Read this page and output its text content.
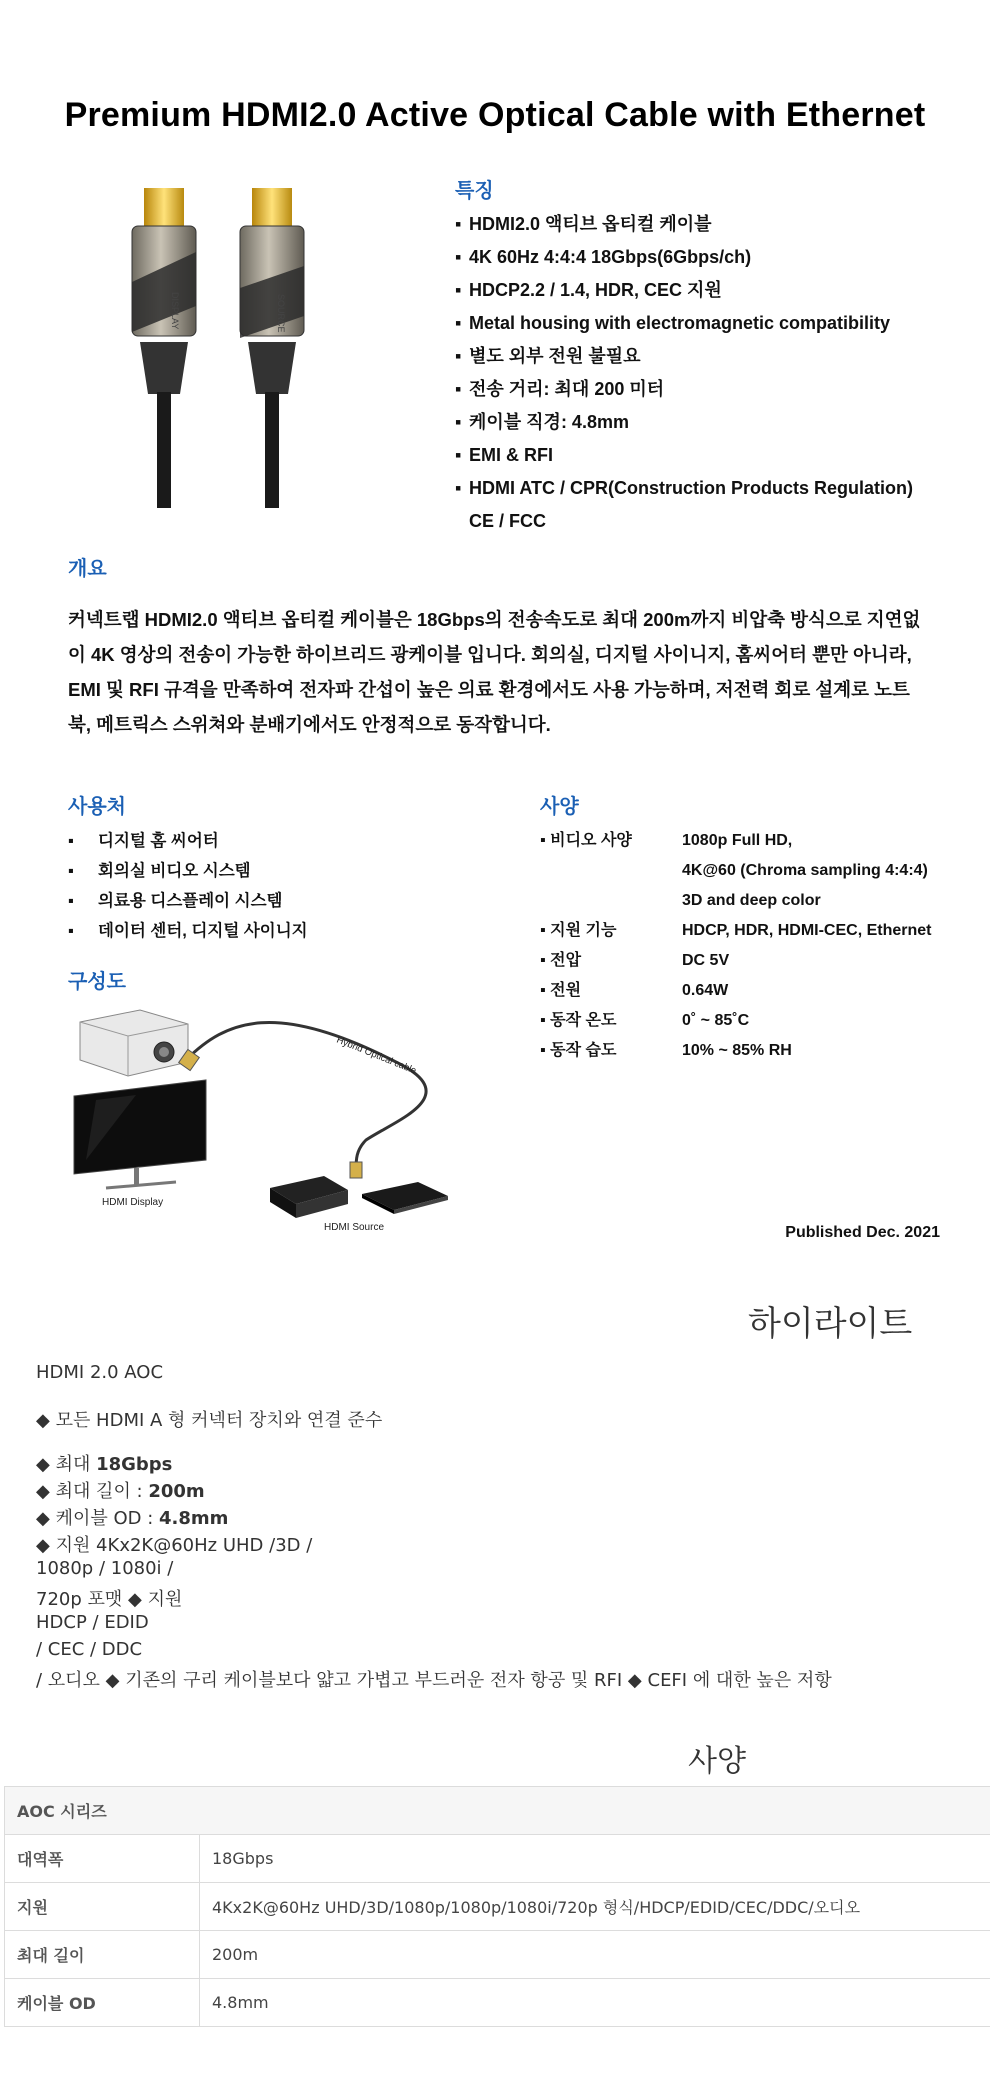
Premium HDMI2.0 Active Optical Cable with Ethernet
DISPLAY	SOURCE
특징
▪ HDMI2.0 액티브 옵티컬 케이블
▪ 4K 60Hz 4:4:4 18Gbps(6Gbps/ch)
▪ HDCP2.2 / 1.4, HDR, CEC 지원
▪ Metal housing with electromagnetic compatibility
▪ 별도 외부 전원 불필요
▪ 전송 거리: 최대 200 미터
▪ 케이블 직경: 4.8mm
▪ EMI & RFI
▪ HDMI ATC / CPR(Construction Products Regulation)
CE / FCC
개요
커넥트랩 HDMI2.0 액티브 옵티컬 케이블은 18Gbps의 전송속도로 최대 200m까지 비압축 방식으로 지연없
이 4K 영상의 전송이 가능한 하이브리드 광케이블 입니다. 회의실, 디지털 사이니지, 홈씨어터 뿐만 아니라,
EMI 및 RFI 규격을 만족하여 전자파 간섭이 높은 의료 환경에서도 사용 가능하며, 저전력 회로 설계로 노트
북, 메트릭스 스위쳐와 분배기에서도 안정적으로 동작합니다.
사용처
▪	디지털 홈 씨어터
▪	회의실 비디오 시스템
▪	의료용 디스플레이 시스템
▪	데이터 센터, 디지털 사이니지
사양
▪ 비디오 사양	1080p Full HD,
4K@60 (Chroma sampling 4:4:4)
3D and deep color
▪ 지원 기능	HDCP, HDR, HDMI-CEC, Ethernet
▪ 전압	DC 5V
▪ 전원	0.64W
▪ 동작 온도	0˚ ~ 85˚C
▪ 동작 습도	10% ~ 85% RH
구성도
HDMI Display
Hybrid Optical cable
HDMI Source	Published Dec. 2021
하이라이트
HDMI 2.0 AOC
◆ 모든 HDMI A 형 커넥터 장치와 연결 준수
◆ 최대 18Gbps
◆ 최대 길이 : 200m
◆ 케이블 OD : 4.8mm
◆ 지원 4Kx2K@60Hz UHD /3D /
1080p / 1080i /
720p 포맷 ◆ 지원
HDCP / EDID
/ CEC / DDC
/ 오디오 ◆ 기존의 구리 케이블보다 얇고 가볍고 부드러운 전자 항공 및 RFI ◆ CEFI 에 대한 높은 저항
사양
AOC 시리즈	
대역폭	18Gbps
지원	4Kx2K@60Hz UHD/3D/1080p/1080p/1080i/720p 형식/HDCP/EDID/CEC/DDC/오디오
최대 길이	200m
케이블 OD	4.8mm
